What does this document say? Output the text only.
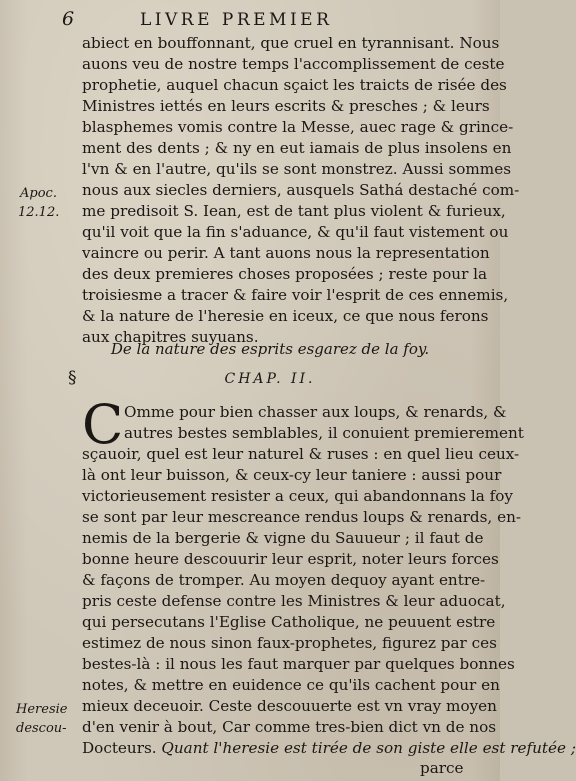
6	LIVRE PREMIER
abiect en bouffonnant, que cruel en tyrannisant. Nous
auons veu de nostre temps l'accomplissement de ceste
prophetie, auquel chacun sçaict les traicts de risée des
Ministres iettés en leurs escrits & presches ; & leurs
blasphemes vomis contre la Messe, auec rage & grince-
ment des dents ; & ny en eut iamais de plus insolens en
l'vn & en l'autre, qu'ils se sont monstrez. Aussi sommes
nous aux siecles derniers, ausquels Sathá destaché com-
me predisoit S. Iean, est de tant plus violent & furieux,
qu'il voit que la fin s'aduance, & qu'il faut vistement ou
vaincre ou perir. A tant auons nous la representation
des deux premieres choses proposées ; reste pour la
troisiesme a tracer & faire voir l'esprit de ces ennemis,
& la nature de l'heresie en iceux, ce que nous ferons
aux chapitres suyuans.
Apoc.
12.12.
De la nature des esprits esgarez de la foy.
§	CHAP. II.
C Omme pour bien chasser aux loups, & renards, &
autres bestes semblables, il conuient premierement
sçauoir, quel est leur naturel & ruses : en quel lieu ceux-
là ont leur buisson, & ceux-cy leur taniere : aussi pour
victorieusement resister a ceux, qui abandonnans la foy
se sont par leur mescreance rendus loups & renards, en-
nemis de la bergerie & vigne du Sauueur ; il faut de
bonne heure descouurir leur esprit, noter leurs forces
& façons de tromper. Au moyen dequoy ayant entre-
pris ceste defense contre les Ministres & leur aduocat,
qui persecutans l'Eglise Catholique, ne peuuent estre
estimez de nous sinon faux-prophetes, figurez par ces
bestes-là : il nous les faut marquer par quelques bonnes
notes, & mettre en euidence ce qu'ils cachent pour en
mieux deceuoir. Ceste descouuerte est vn vray moyen
d'en venir à bout, Car comme tres-bien dict vn de nos
Docteurs. Quant l'heresie est tirée de son giste elle est refutée ;
Heresie
descou-
parce
